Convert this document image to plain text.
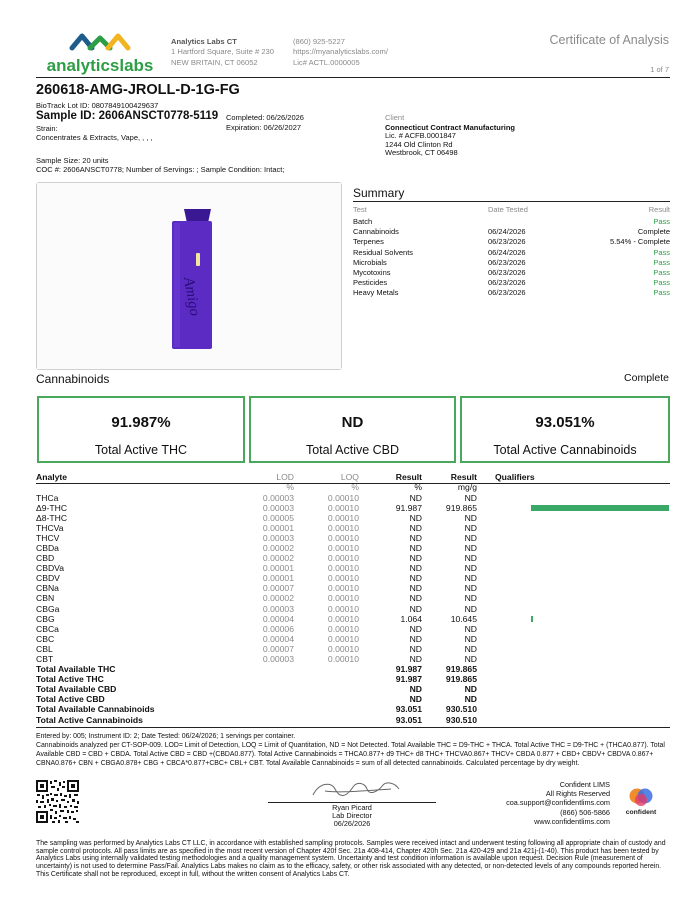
analyticslabs
Analytics Labs CT
1 Hartford Square, Suite # 230
NEW BRITAIN, CT 06052
(860) 925-5227
https://myanalyticslabs.com/
Lic# ACTL.0000005
Certificate of Analysis
1 of 7
260618-AMG-JROLL-D-1G-FG
BioTrack Lot ID: 0807849100429637
Sample ID: 2606ANSCT0778-5119 Completed: 06/26/2026
Expiration: 06/26/2027
Strain:
Concentrates & Extracts, Vape, , , ,
Client
Connecticut Contract Manufacturing
Lic. # ACFB.0001847
1244 Old Clinton Rd
Westbrook, CT 06498
Sample Size: 20 units
COC #: 2606ANSCT0778; Number of Servings: ; Sample Condition: Intact;
Amigo
Summary
Test	Date Tested	Result
Batch	Pass
Cannabinoids	06/24/2026	Complete
Terpenes	06/23/2026	5.54% - Complete
Residual Solvents	06/24/2026	Pass
Microbials	06/23/2026	Pass
Mycotoxins	06/23/2026	Pass
Pesticides	06/23/2026	Pass
Heavy Metals	06/23/2026	Pass
Cannabinoids	Complete
91.987%
Total Active THC
ND
Total Active CBD
93.051%
Total Active Cannabinoids
Analyte	LOD	LOQ	Result	Result	Qualifiers
%	%	%	mg/g
THCa	0.00003	0.00010	ND	ND
Δ9-THC	0.00003	0.00010	91.987	919.865
Δ8-THC	0.00005	0.00010	ND	ND
THCVa	0.00001	0.00010	ND	ND
THCV	0.00003	0.00010	ND	ND
CBDa	0.00002	0.00010	ND	ND
CBD	0.00002	0.00010	ND	ND
CBDVa	0.00001	0.00010	ND	ND
CBDV	0.00001	0.00010	ND	ND
CBNa	0.00007	0.00010	ND	ND
CBN	0.00002	0.00010	ND	ND
CBGa	0.00003	0.00010	ND	ND
CBG	0.00004	0.00010	1.064	10.645
CBCa	0.00006	0.00010	ND	ND
CBC	0.00004	0.00010	ND	ND
CBL	0.00007	0.00010	ND	ND
CBT	0.00003	0.00010	ND	ND
Total Available THC	91.987	919.865
Total Active THC	91.987	919.865
Total Available CBD	ND	ND
Total Active CBD	ND	ND
Total Available Cannabinoids	93.051	930.510
Total Active Cannabinoids	93.051	930.510
Entered by: 005; Instrument ID: 2; Date Tested: 06/24/2026; 1 servings per container.
Cannabinoids analyzed per CT-SOP-009. LOD= Limit of Detection, LOQ = Limit of Quantitation, ND = Not Detected. Total Available THC = D9-THC + THCA. Total Active THC = D9-THC + (THCA0.877). Total Available CBD = CBD + CBDA. Total Active CBD = CBD +(CBDA0.877). Total Active Cannabinoids = THCA0.877+ d9 THC+ d8 THC+ THCVA0.867+ THCV+ CBDA 0.877 + CBD+ CBDV+ CBDVA 0.867+ CBNA0.876+ CBN + CBGA0.878+ CBG + CBCA*0.877+CBC+ CBL+ CBT. Total Available Cannabinoids = sum of all detected cannabinoids. Calculated percentage by dry weight.
Ryan Picard
Lab Director
06/26/2026
Confident LIMS
All Rights Reserved
coa.support@confidentlims.com
(866) 506-5866
www.confidentlims.com
confident
The sampling was performed by Analytics Labs CT LLC, in accordance with established sampling protocols. Samples were received intact and underwent testing following all appropriate chain of custody and sample control protocols. All pass limits are as specified in the most recent version of Chapter 420f Sec. 21a 408-414, Chapter 420h Sec. 21a 420-429 and 21a 421j-(1-40). This product has been tested by Analytics Labs using internally validated testing methodologies and a quality management system. Uncertainty and test condition information is available upon request. Decision Rule (measurement of uncertainty) is not used to determine Pass/Fail. Analytics Labs makes no claim as to the efficacy, safety, or other risk associated with any detected, or non-detected levels of any compounds reported herein. This Certificate shall not be reproduced, except in full, without the written consent of Analytics Labs CT.
